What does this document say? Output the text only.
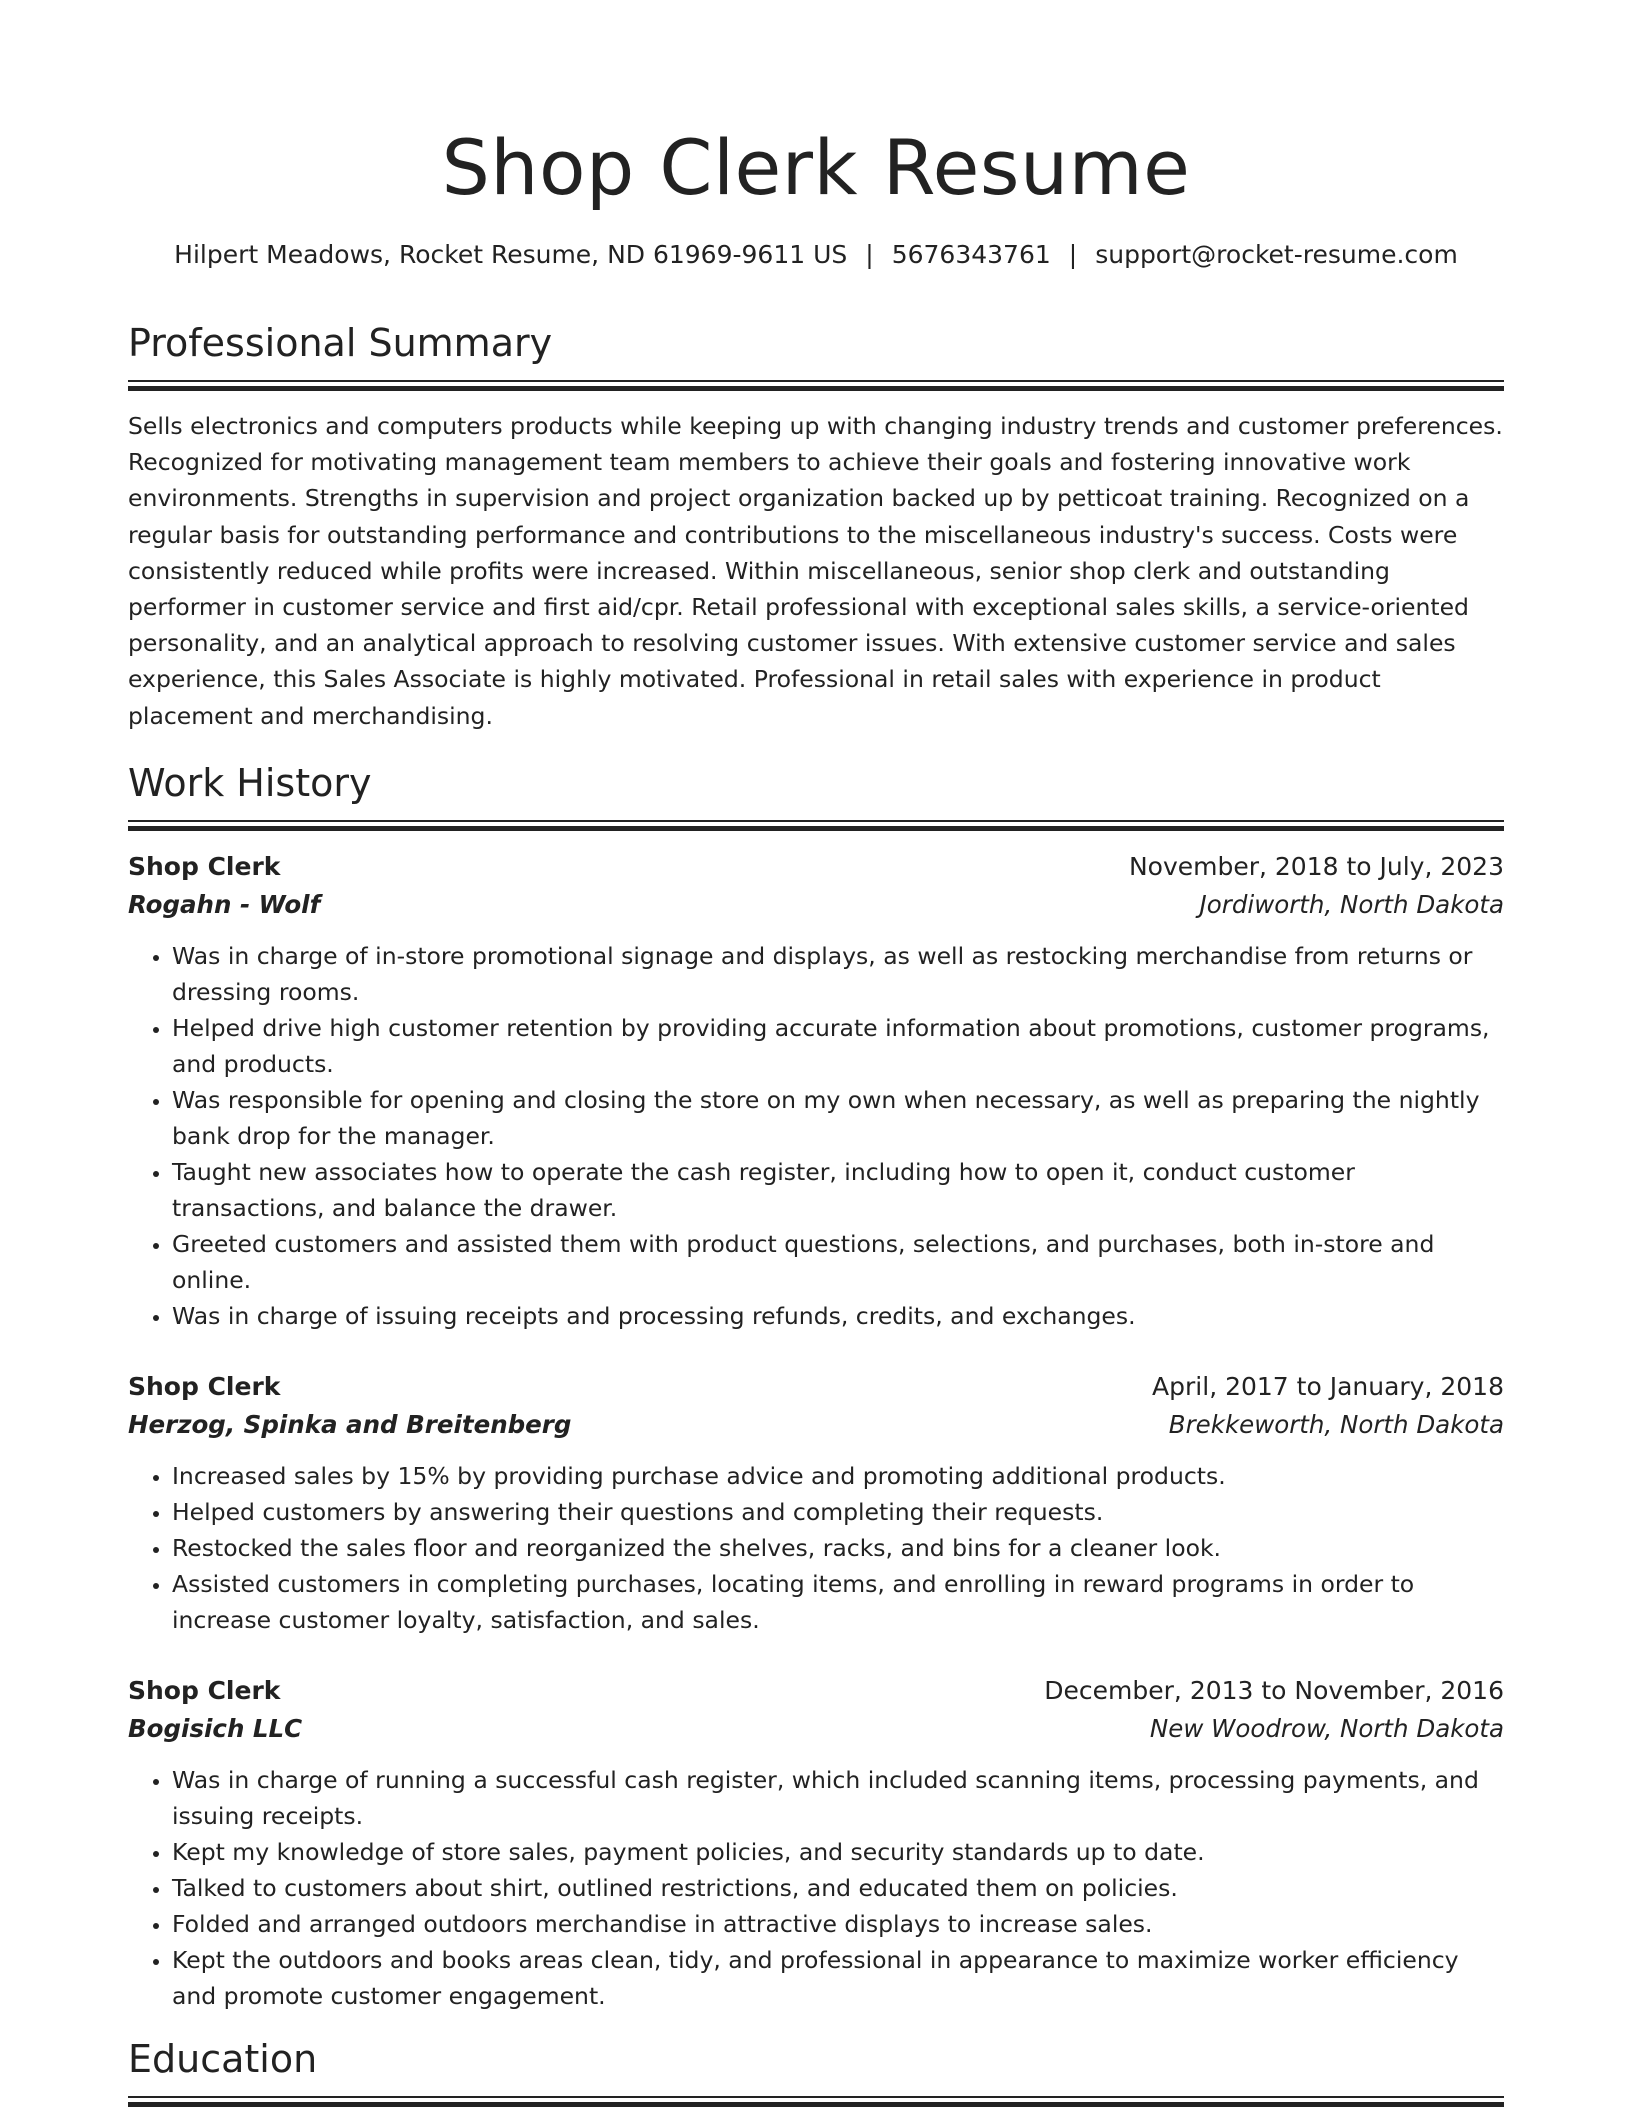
Shop Clerk Resume
Hilpert Meadows, Rocket Resume, ND 61969-9611 US | 5676343761 | support@rocket-resume.com
Professional Summary

Sells electronics and computers products while keeping up with changing industry trends and customer preferences. Recognized for motivating management team members to achieve their goals and fostering innovative work environments. Strengths in supervision and project organization backed up by petticoat training. Recognized on a regular basis for outstanding performance and contributions to the miscellaneous industry's success. Costs were consistently reduced while profits were increased. Within miscellaneous, senior shop clerk and outstanding performer in customer service and first aid/cpr. Retail professional with exceptional sales skills, a service-oriented personality, and an analytical approach to resolving customer issues. With extensive customer service and sales experience, this Sales Associate is highly motivated. Professional in retail sales with experience in product placement and merchandising.

Work History
Shop Clerk	November, 2018 to July, 2023
Rogahn - Wolf	Jordiworth, North Dakota
• Was in charge of in-store promotional signage and displays, as well as restocking merchandise from returns or dressing rooms.
• Helped drive high customer retention by providing accurate information about promotions, customer programs, and products.
• Was responsible for opening and closing the store on my own when necessary, as well as preparing the nightly bank drop for the manager.
• Taught new associates how to operate the cash register, including how to open it, conduct customer transactions, and balance the drawer.
• Greeted customers and assisted them with product questions, selections, and purchases, both in-store and online.
• Was in charge of issuing receipts and processing refunds, credits, and exchanges.
Shop Clerk	April, 2017 to January, 2018
Herzog, Spinka and Breitenberg	Brekkeworth, North Dakota
• Increased sales by 15% by providing purchase advice and promoting additional products.
• Helped customers by answering their questions and completing their requests.
• Restocked the sales floor and reorganized the shelves, racks, and bins for a cleaner look.
• Assisted customers in completing purchases, locating items, and enrolling in reward programs in order to increase customer loyalty, satisfaction, and sales.
Shop Clerk	December, 2013 to November, 2016
Bogisich LLC	New Woodrow, North Dakota
• Was in charge of running a successful cash register, which included scanning items, processing payments, and issuing receipts.
• Kept my knowledge of store sales, payment policies, and security standards up to date.
• Talked to customers about shirt, outlined restrictions, and educated them on policies.
• Folded and arranged outdoors merchandise in attractive displays to increase sales.
• Kept the outdoors and books areas clean, tidy, and professional in appearance to maximize worker efficiency and promote customer engagement.
Education
